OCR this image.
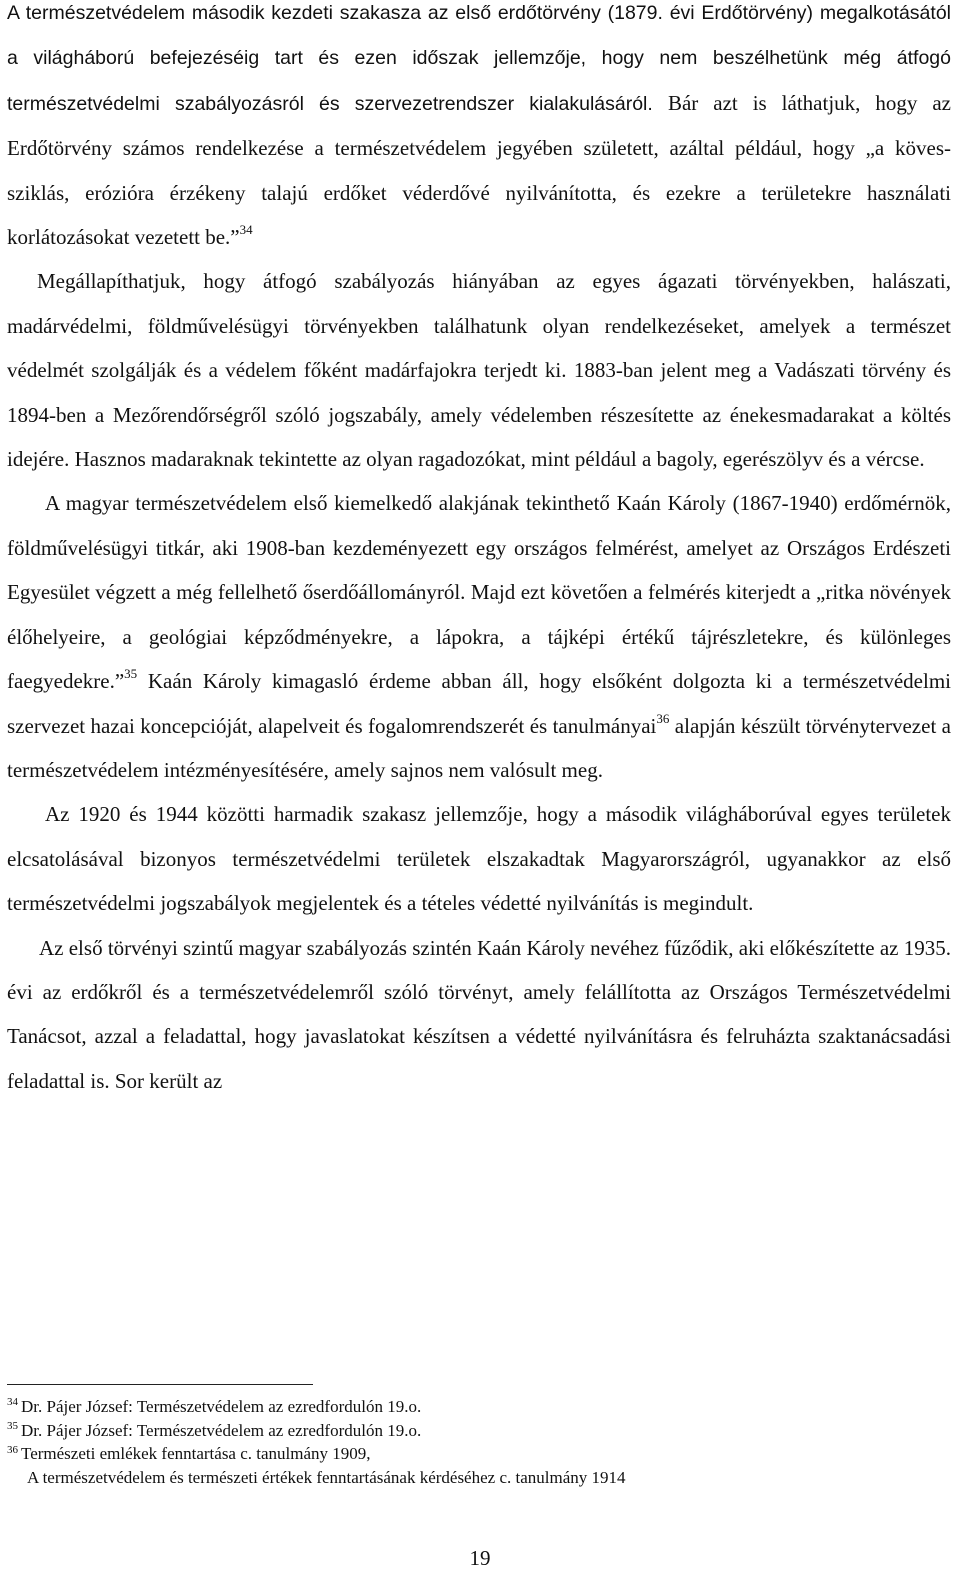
A természetvédelem második kezdeti szakasza az első erdőtörvény (1879. évi Erdőtörvény) megalkotásától a világháború befejezéséig tart és ezen időszak jellemzője, hogy nem beszélhetünk még átfogó természetvédelmi szabályozásról és szervezetrendszer kialakulásáról. Bár azt is láthatjuk, hogy az Erdőtörvény számos rendelkezése a természetvédelem jegyében született, azáltal például, hogy „a köves-sziklás, erózióra érzékeny talajú erdőket véderdővé nyilvánította, és ezekre a területekre használati korlátozásokat vezetett be.”$^{34}$

Megállapíthatjuk, hogy átfogó szabályozás hiányában az egyes ágazati törvényekben, halászati, madárvédelmi, földművelésügyi törvényekben találhatunk olyan rendelkezéseket, amelyek a természet védelmét szolgálják és a védelem főként madárfajokra terjedt ki. 1883-ban jelent meg a Vadászati törvény és 1894-ben a Mezőrendőrségről szóló jogszabály, amely védelemben részesítette az énekesmadarakat a költés idejére. Hasznos madaraknak tekintette az olyan ragadozókat, mint például a bagoly, egerészölyv és a vércse.

A magyar természetvédelem első kiemelkedő alakjának tekinthető Kaán Károly (1867-1940) erdőmérnök, földművelésügyi titkár, aki 1908-ban kezdeményezett egy országos felmérést, amelyet az Országos Erdészeti Egyesület végzett a még fellelhető őserdőállományról. Majd ezt követően a felmérés kiterjedt a „ritka növények élőhelyeire, a geológiai képződményekre, a lápokra, a tájképi értékű tájrészletekre, és különleges faegyedekre.”$^{35}$ Kaán Károly kimagasló érdeme abban áll, hogy elsőként dolgozta ki a természetvédelmi szervezet hazai koncepcióját, alapelveit és fogalomrendszerét és tanulmányai$^{36}$ alapján készült törvénytervezet a természetvédelem intézményesítésére, amely sajnos nem valósult meg.

Az 1920 és 1944 közötti harmadik szakasz jellemzője, hogy a második világháborúval egyes területek elcsatolásával bizonyos természetvédelmi területek elszakadtak Magyarországról, ugyanakkor az első természetvédelmi jogszabályok megjelentek és a tételes védetté nyilvánítás is megindult.

Az első törvényi szintű magyar szabályozás szintén Kaán Károly nevéhez fűződik, aki előkészítette az 1935. évi az erdőkről és a természetvédelemről szóló törvényt, amely felállította az Országos Természetvédelmi Tanácsot, azzal a feladattal, hogy javaslatokat készítsen a védetté nyilvánításra és felruházta szaktanácsadási feladattal is. Sor került az

$^{34}$ Dr. Pájer József: Természetvédelem az ezredfordulón 19.o.

$^{35}$ Dr. Pájer József: Természetvédelem az ezredfordulón 19.o.

$^{36}$ Természeti emlékek fenntartása c. tanulmány 1909,
A természetvédelem és természeti értékek fenntartásának kérdéséhez c. tanulmány 1914

19
